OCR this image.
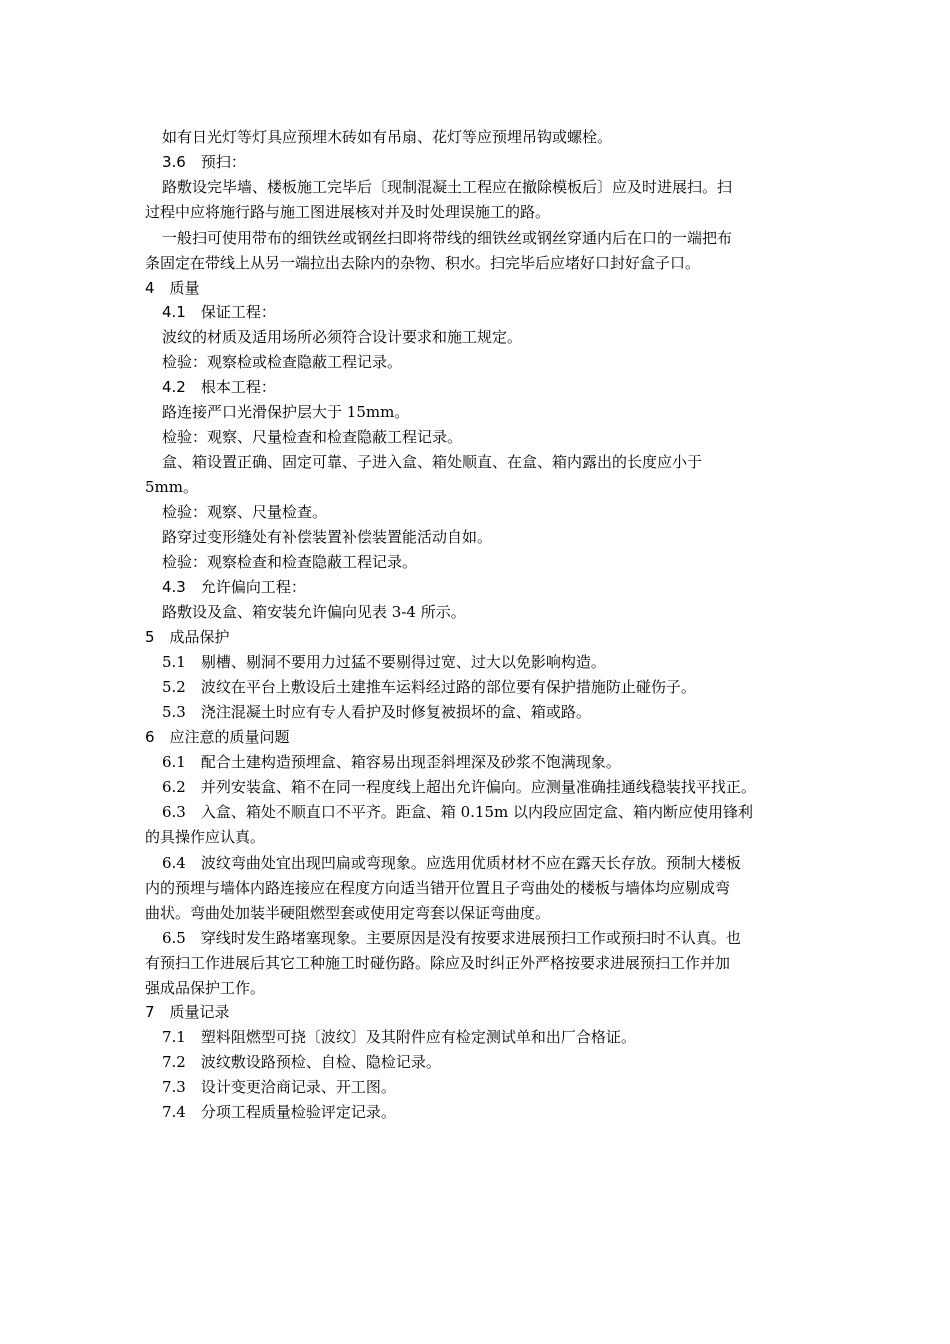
如有日光灯等灯具应预埋木砖如有吊扇、花灯等应预埋吊钩或螺栓。
3.6　预扫：
路敷设完毕墙、楼板施工完毕后〔现制混凝土工程应在撤除模板后〕应及时进展扫。扫
过程中应将施行路与施工图进展核对并及时处理误施工的路。
一般扫可使用带布的细铁丝或钢丝扫即将带线的细铁丝或钢丝穿通内后在口的一端把布
条固定在带线上从另一端拉出去除内的杂物、积水。扫完毕后应堵好口封好盒子口。
4　质量
4.1　保证工程：
波纹的材质及适用场所必须符合设计要求和施工规定。
检验：观察检或检查隐蔽工程记录。
4.2　根本工程：
路连接严口光滑保护层大于 15mm。
检验：观察、尺量检查和检查隐蔽工程记录。
盒、箱设置正确、固定可靠、子进入盒、箱处顺直、在盒、箱内露出的长度应小于
5mm。
检验：观察、尺量检查。
路穿过变形缝处有补偿装置补偿装置能活动自如。
检验：观察检查和检查隐蔽工程记录。
4.3　允许偏向工程：
路敷设及盒、箱安装允许偏向见表 3-4 所示。
5　成品保护
5.1　剔槽、剔洞不要用力过猛不要剔得过宽、过大以免影响构造。
5.2　波纹在平台上敷设后土建推车运料经过路的部位要有保护措施防止碰伤子。
5.3　浇注混凝土时应有专人看护及时修复被损坏的盒、箱或路。
6　应注意的质量问题
6.1　配合土建构造预埋盒、箱容易出现歪斜埋深及砂浆不饱满现象。
6.2　并列安装盒、箱不在同一程度线上超出允许偏向。应测量准确挂通线稳装找平找正。
6.3　入盒、箱处不顺直口不平齐。距盒、箱 0.15m 以内段应固定盒、箱内断应使用锋利
的具操作应认真。
6.4　波纹弯曲处宜出现凹扁或弯现象。应选用优质材材不应在露天长存放。预制大楼板
内的预埋与墙体内路连接应在程度方向适当错开位置且子弯曲处的楼板与墙体均应剔成弯
曲状。弯曲处加装半硬阻燃型套或使用定弯套以保证弯曲度。
6.5　穿线时发生路堵塞现象。主要原因是没有按要求进展预扫工作或预扫时不认真。也
有预扫工作进展后其它工种施工时碰伤路。除应及时纠正外严格按要求进展预扫工作并加
强成品保护工作。
7　质量记录
7.1　塑料阻燃型可挠〔波纹〕及其附件应有检定测试单和出厂合格证。
7.2　波纹敷设路预检、自检、隐检记录。
7.3　设计变更洽商记录、开工图。
7.4　分项工程质量检验评定记录。
